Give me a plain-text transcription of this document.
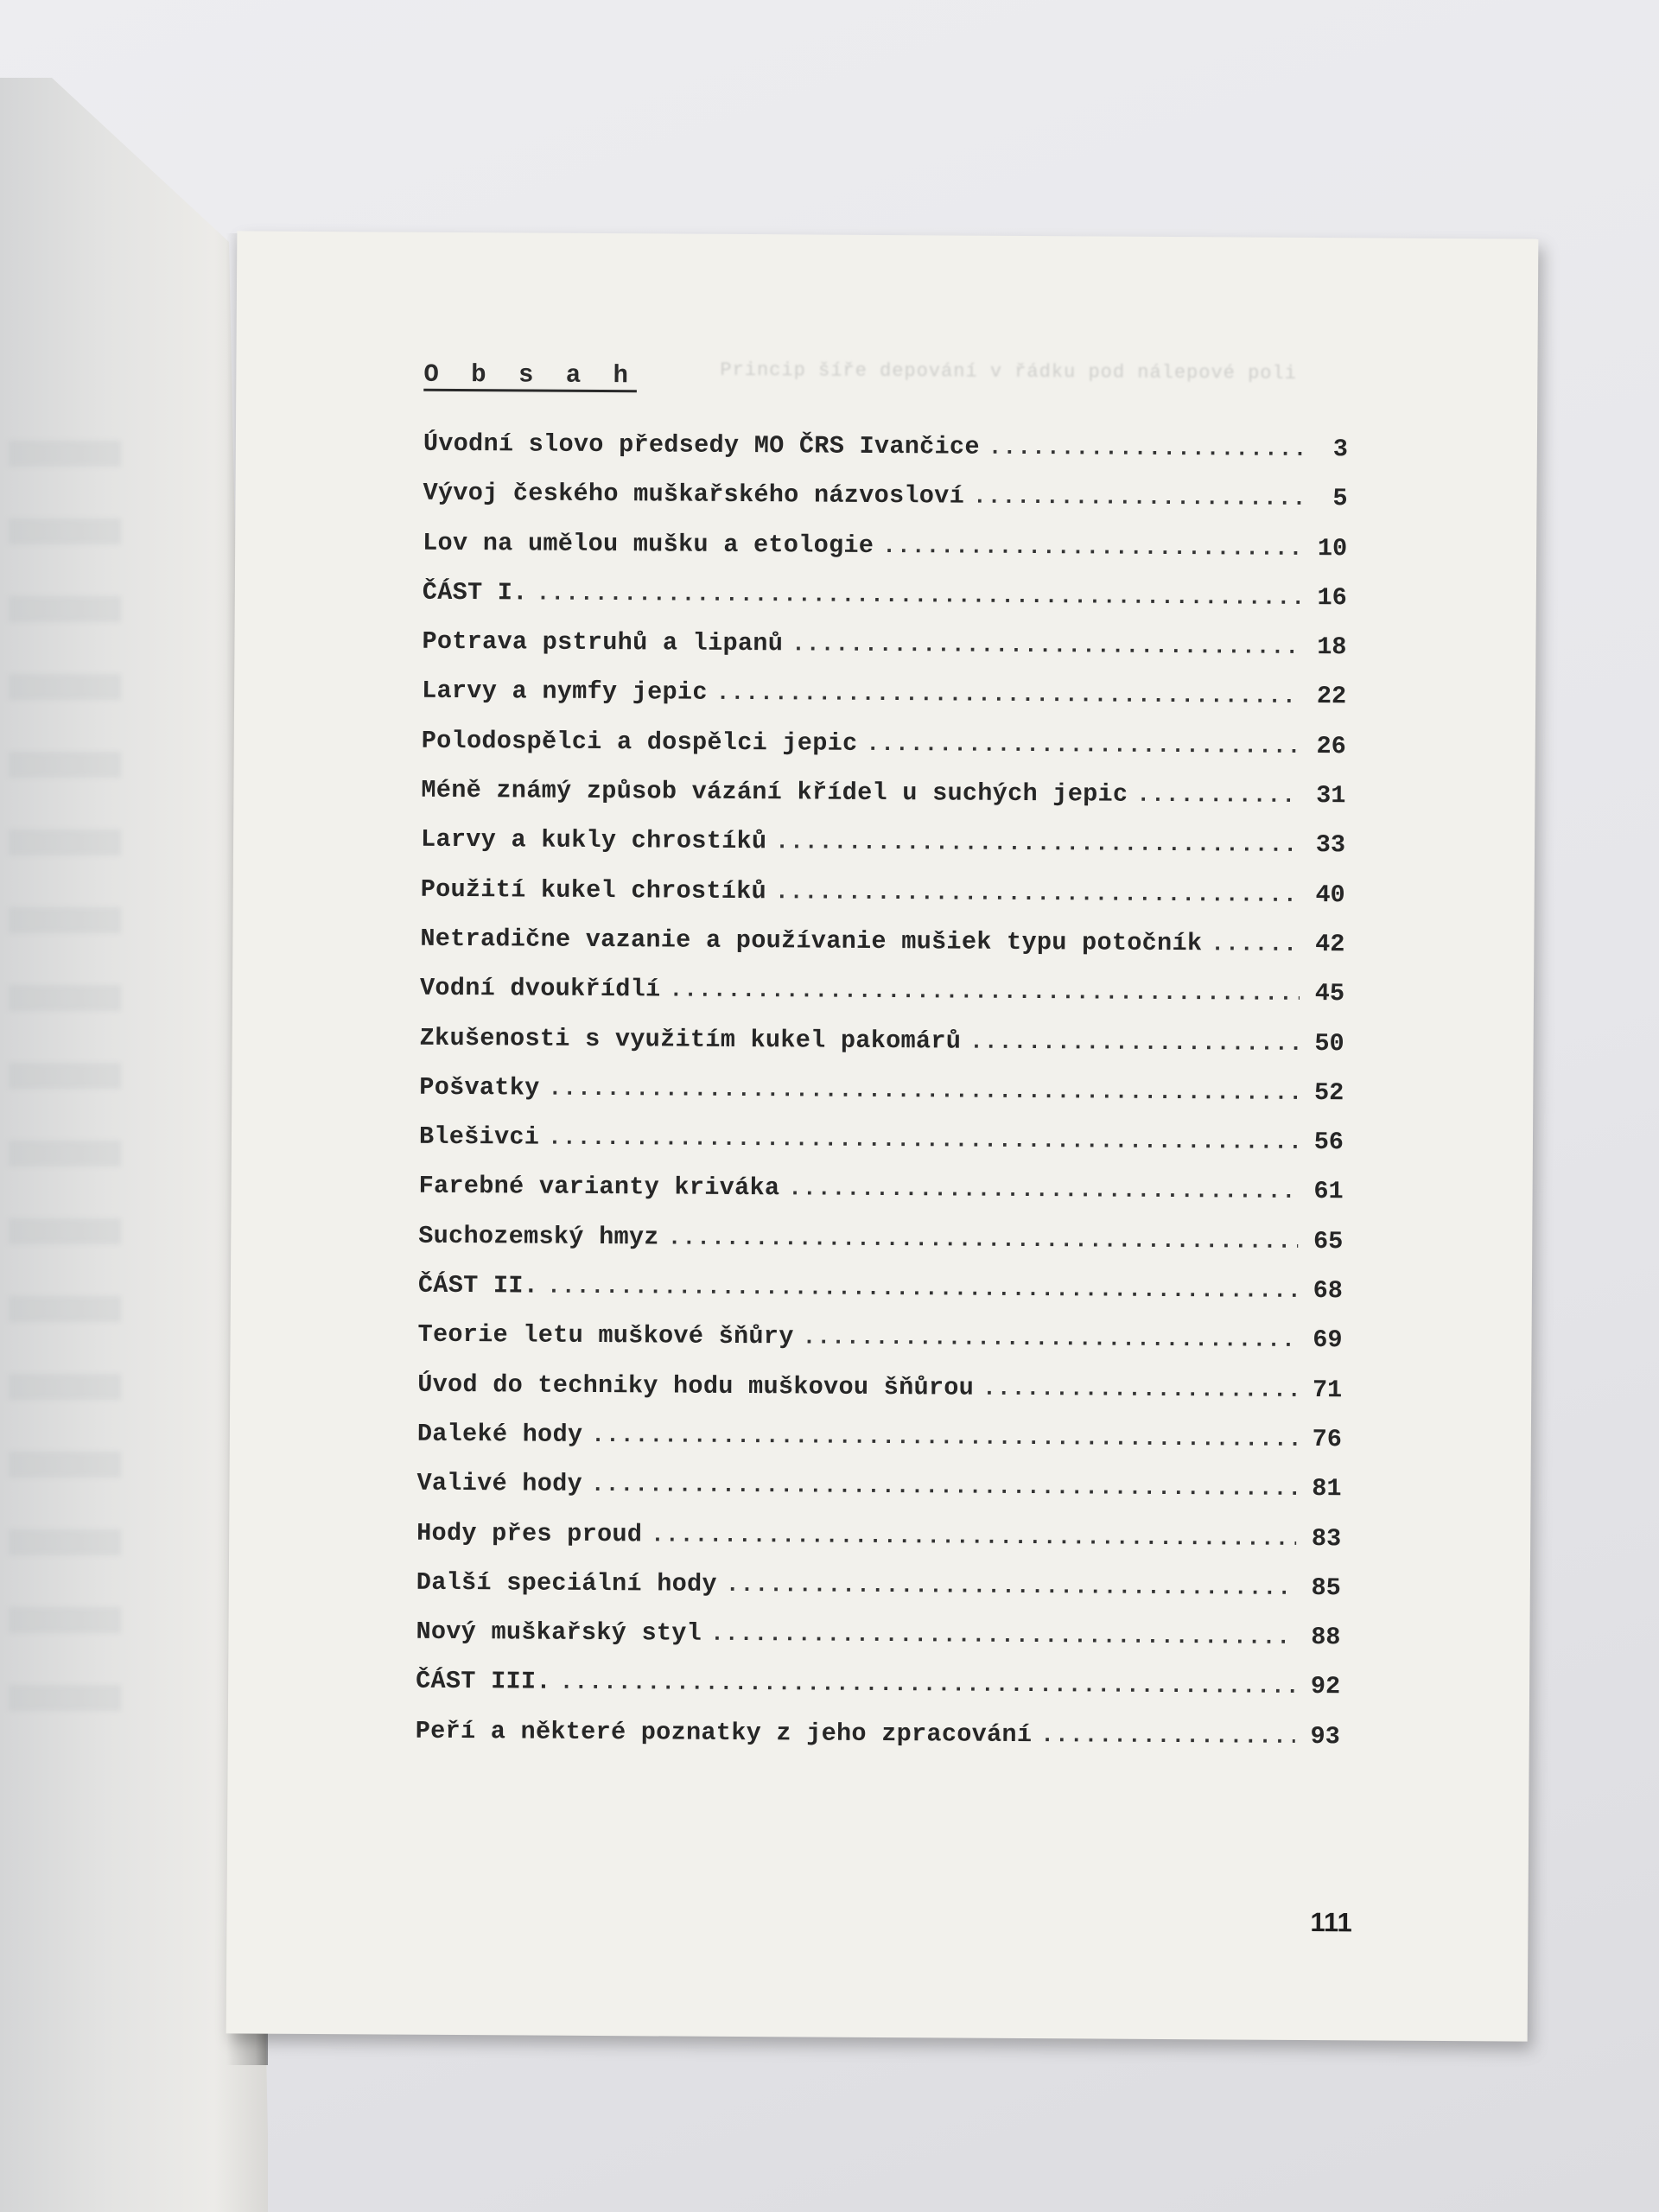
Princip šíře depování v řádku pod nálepové poli
O b s a h
Úvodní slovo předsedy MO ČRS Ivančice .....	3
Vývoj českého muškařského názvosloví .....	5
Lov na umělou mušku a etologie .....	10
ČÁST I. .....	16
Potrava pstruhů a lipanů .....	18
Larvy a nymfy jepic .....	22
Polodospělci a dospělci jepic .....	26
Méně známý způsob vázání křídel u suchých jepic .....	31
Larvy a kukly chrostíků .....	33
Použití kukel chrostíků .....	40
Netradične vazanie a používanie mušiek typu potočník .....	42
Vodní dvoukřídlí .....	45
Zkušenosti s využitím kukel pakomárů .....	50
Pošvatky .....	52
Blešivci .....	56
Farebné varianty kriváka .....	61
Suchozemský hmyz .....	65
ČÁST II. .....	68
Teorie letu muškové šňůry .....	69
Úvod do techniky hodu muškovou šňůrou .....	71
Daleké hody .....	76
Valivé hody .....	81
Hody přes proud .....	83
Další speciální hody .....	85
Nový muškařský styl .....	88
ČÁST III. .....	92
Peří a některé poznatky z jeho zpracování .....	93
111
